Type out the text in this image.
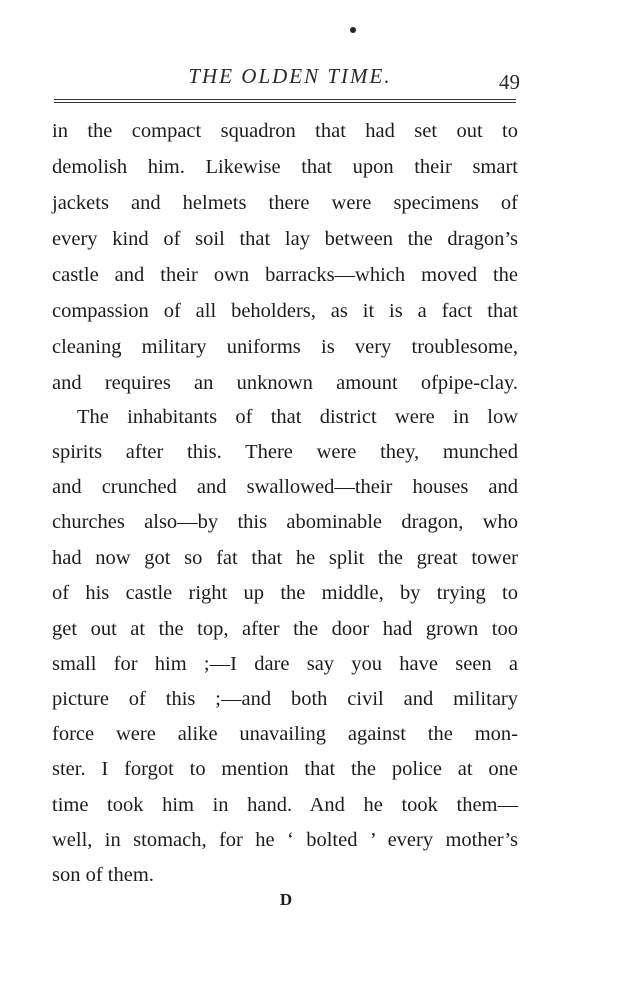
THE OLDEN TIME.	49
in the compact squadron that had set out to
demolish him. Likewise that upon their smart
jackets and helmets there were specimens of
every kind of soil that lay between the dragon’s
castle and their own barracks—which moved the
compassion of all beholders, as it is a fact that
cleaning military uniforms is very troublesome,
and requires an unknown amount ofpipe-clay.
The inhabitants of that district were in low
spirits after this. There were they, munched
and crunched and swallowed—their houses and
churches also—by this abominable dragon, who
had now got so fat that he split the great tower
of his castle right up the middle, by trying to
get out at the top, after the door had grown too
small for him ;—I dare say you have seen a
picture of this ;—and both civil and military
force were alike unavailing against the mon-
ster. I forgot to mention that the police at one
time took him in hand. And he took them—
well, in stomach, for he ‘ bolted ’ every mother’s
son of them.
D
